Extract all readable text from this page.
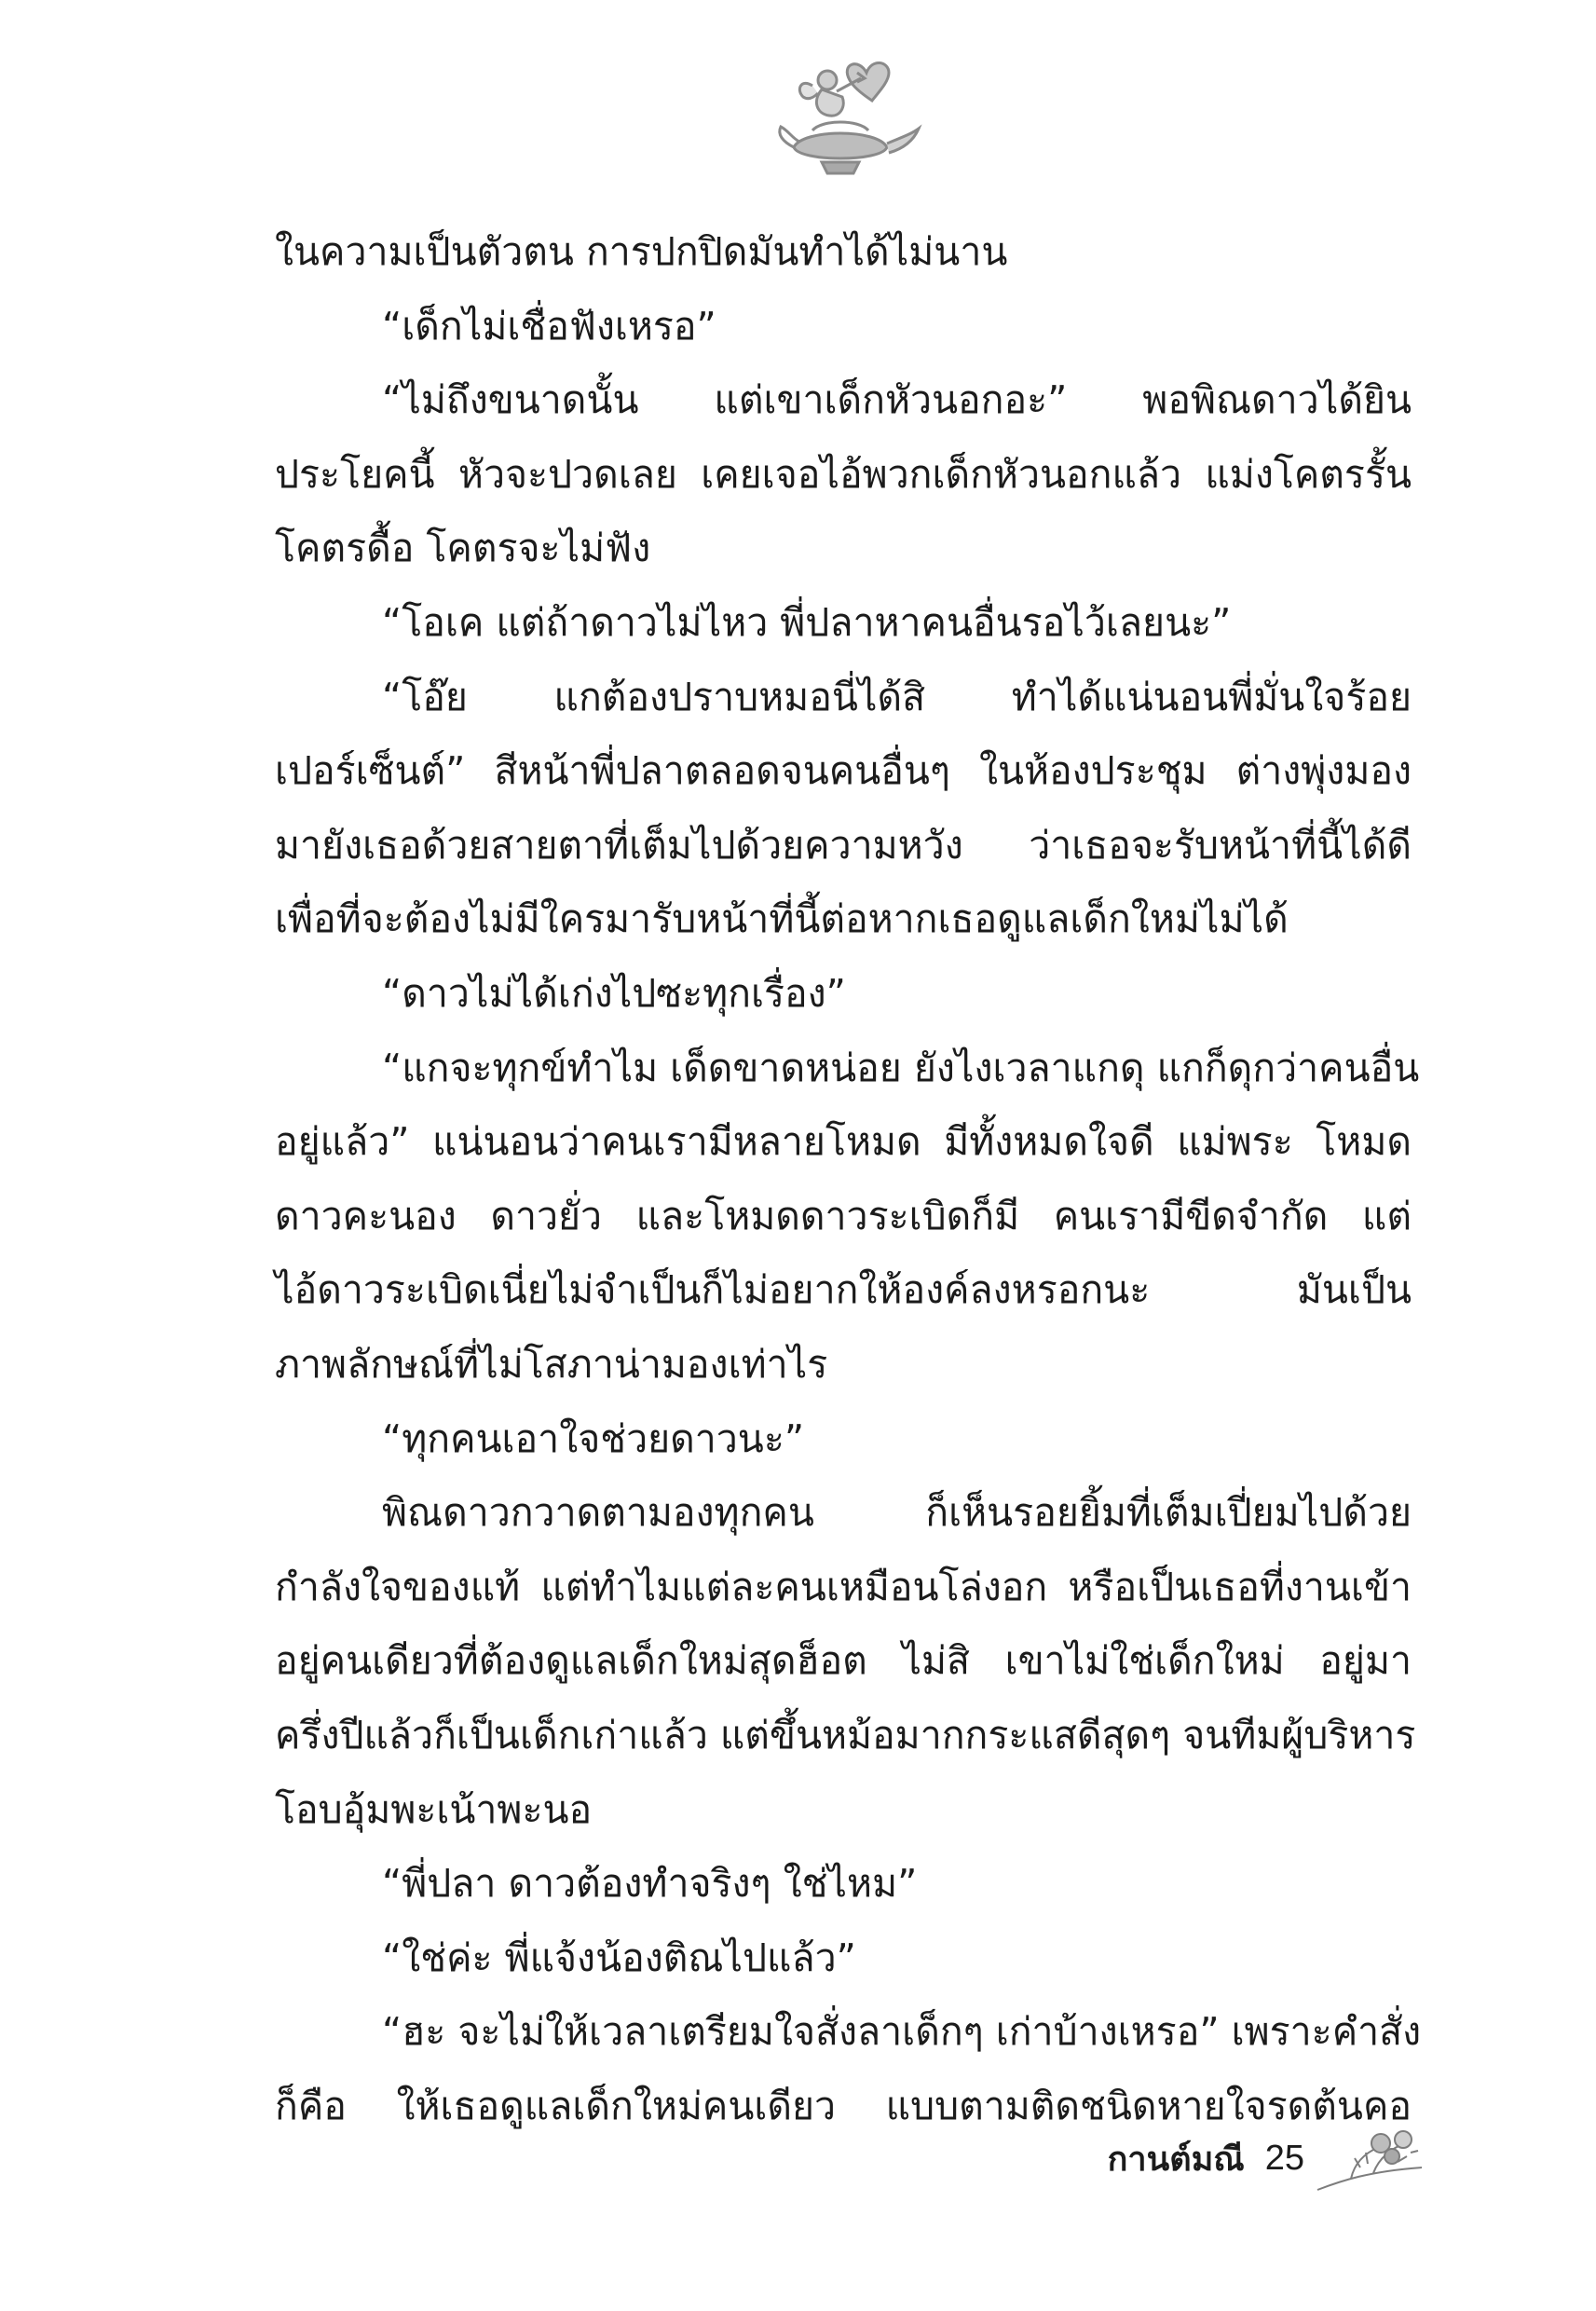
ในความเป็นตัวตน การปกปิดมันทำได้ไม่นาน
“เด็กไม่เชื่อฟังเหรอ”
“ไม่ถึงขนาดนั้น แต่เขาเด็กหัวนอกอะ” พอพิณดาวได้ยิน
ประโยคนี้ หัวจะปวดเลย เคยเจอไอ้พวกเด็กหัวนอกแล้ว แม่งโคตรรั้น
โคตรดื้อ โคตรจะไม่ฟัง
“โอเค แต่ถ้าดาวไม่ไหว พี่ปลาหาคนอื่นรอไว้เลยนะ”
“โอ๊ย แกต้องปราบหมอนี่ได้สิ ทำได้แน่นอนพี่มั่นใจร้อย
เปอร์เซ็นต์” สีหน้าพี่ปลาตลอดจนคนอื่นๆ ในห้องประชุม ต่างพุ่งมอง
มายังเธอด้วยสายตาที่เต็มไปด้วยความหวัง ว่าเธอจะรับหน้าที่นี้ได้ดี
เพื่อที่จะต้องไม่มีใครมารับหน้าที่นี้ต่อหากเธอดูแลเด็กใหม่ไม่ได้
“ดาวไม่ได้เก่งไปซะทุกเรื่อง”
“แกจะทุกข์ทำไม เด็ดขาดหน่อย ยังไงเวลาแกดุ แกก็ดุกว่าคนอื่น
อยู่แล้ว” แน่นอนว่าคนเรามีหลายโหมด มีทั้งหมดใจดี แม่พระ โหมด
ดาวคะนอง ดาวยั่ว และโหมดดาวระเบิดก็มี คนเรามีขีดจำกัด แต่
ไอ้ดาวระเบิดเนี่ยไม่จำเป็นก็ไม่อยากให้องค์ลงหรอกนะ มันเป็น
ภาพลักษณ์ที่ไม่โสภาน่ามองเท่าไร
“ทุกคนเอาใจช่วยดาวนะ”
พิณดาวกวาดตามองทุกคน ก็เห็นรอยยิ้มที่เต็มเปี่ยมไปด้วย
กำลังใจของแท้ แต่ทำไมแต่ละคนเหมือนโล่งอก หรือเป็นเธอที่งานเข้า
อยู่คนเดียวที่ต้องดูแลเด็กใหม่สุดฮ็อต ไม่สิ เขาไม่ใช่เด็กใหม่ อยู่มา
ครึ่งปีแล้วก็เป็นเด็กเก่าแล้ว แต่ขึ้นหม้อมากกระแสดีสุดๆ จนทีมผู้บริหาร
โอบอุ้มพะเน้าพะนอ
“พี่ปลา ดาวต้องทำจริงๆ ใช่ไหม”
“ใช่ค่ะ พี่แจ้งน้องติณไปแล้ว”
“ฮะ จะไม่ให้เวลาเตรียมใจสั่งลาเด็กๆ เก่าบ้างเหรอ” เพราะคำสั่ง
ก็คือ ให้เธอดูแลเด็กใหม่คนเดียว แบบตามติดชนิดหายใจรดต้นคอ
กานต์มณี 25
